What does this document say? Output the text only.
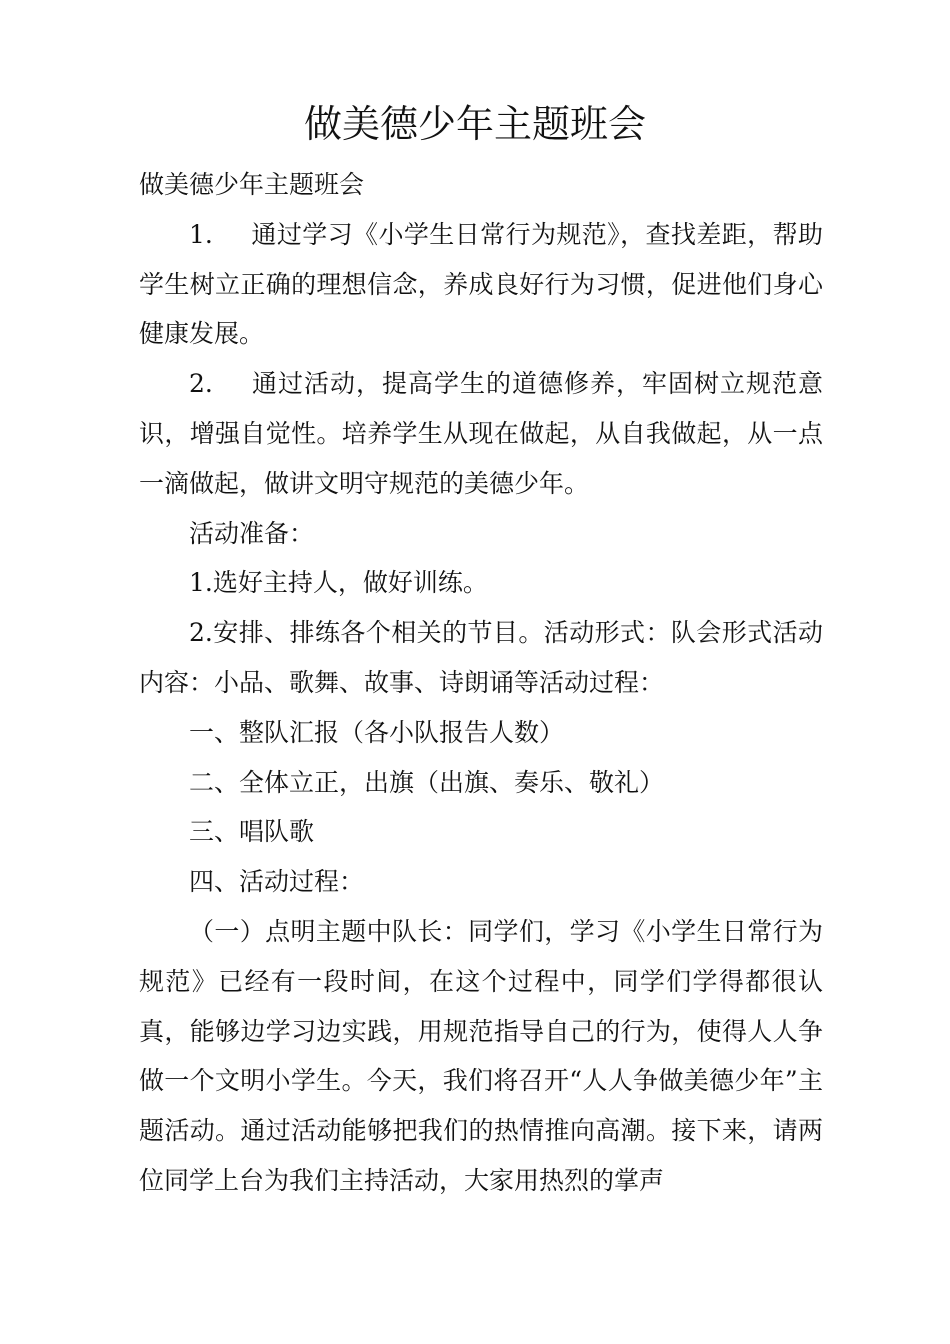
做美德少年主题班会

做美德少年主题班会

1. 通过学习《小学生日常行为规范》，查找差距，帮助学生树立正确的理想信念，养成良好行为习惯，促进他们身心健康发展。

2. 通过活动，提高学生的道德修养，牢固树立规范意识，增强自觉性。培养学生从现在做起，从自我做起，从一点一滴做起，做讲文明守规范的美德少年。

活动准备：

1.选好主持人，做好训练。

2.安排、排练各个相关的节目。活动形式：队会形式活动内容：小品、歌舞、故事、诗朗诵等活动过程：

一、整队汇报（各小队报告人数）

二、全体立正，出旗（出旗、奏乐、敬礼）

三、唱队歌

四、活动过程：

（一）点明主题中队长：同学们，学习《小学生日常行为规范》已经有一段时间，在这个过程中，同学们学得都很认真，能够边学习边实践，用规范指导自己的行为，使得人人争做一个文明小学生。今天，我们将召开“人人争做美德少年”主题活动。通过活动能够把我们的热情推向高潮。接下来，请两位同学上台为我们主持活动，大家用热烈的掌声
